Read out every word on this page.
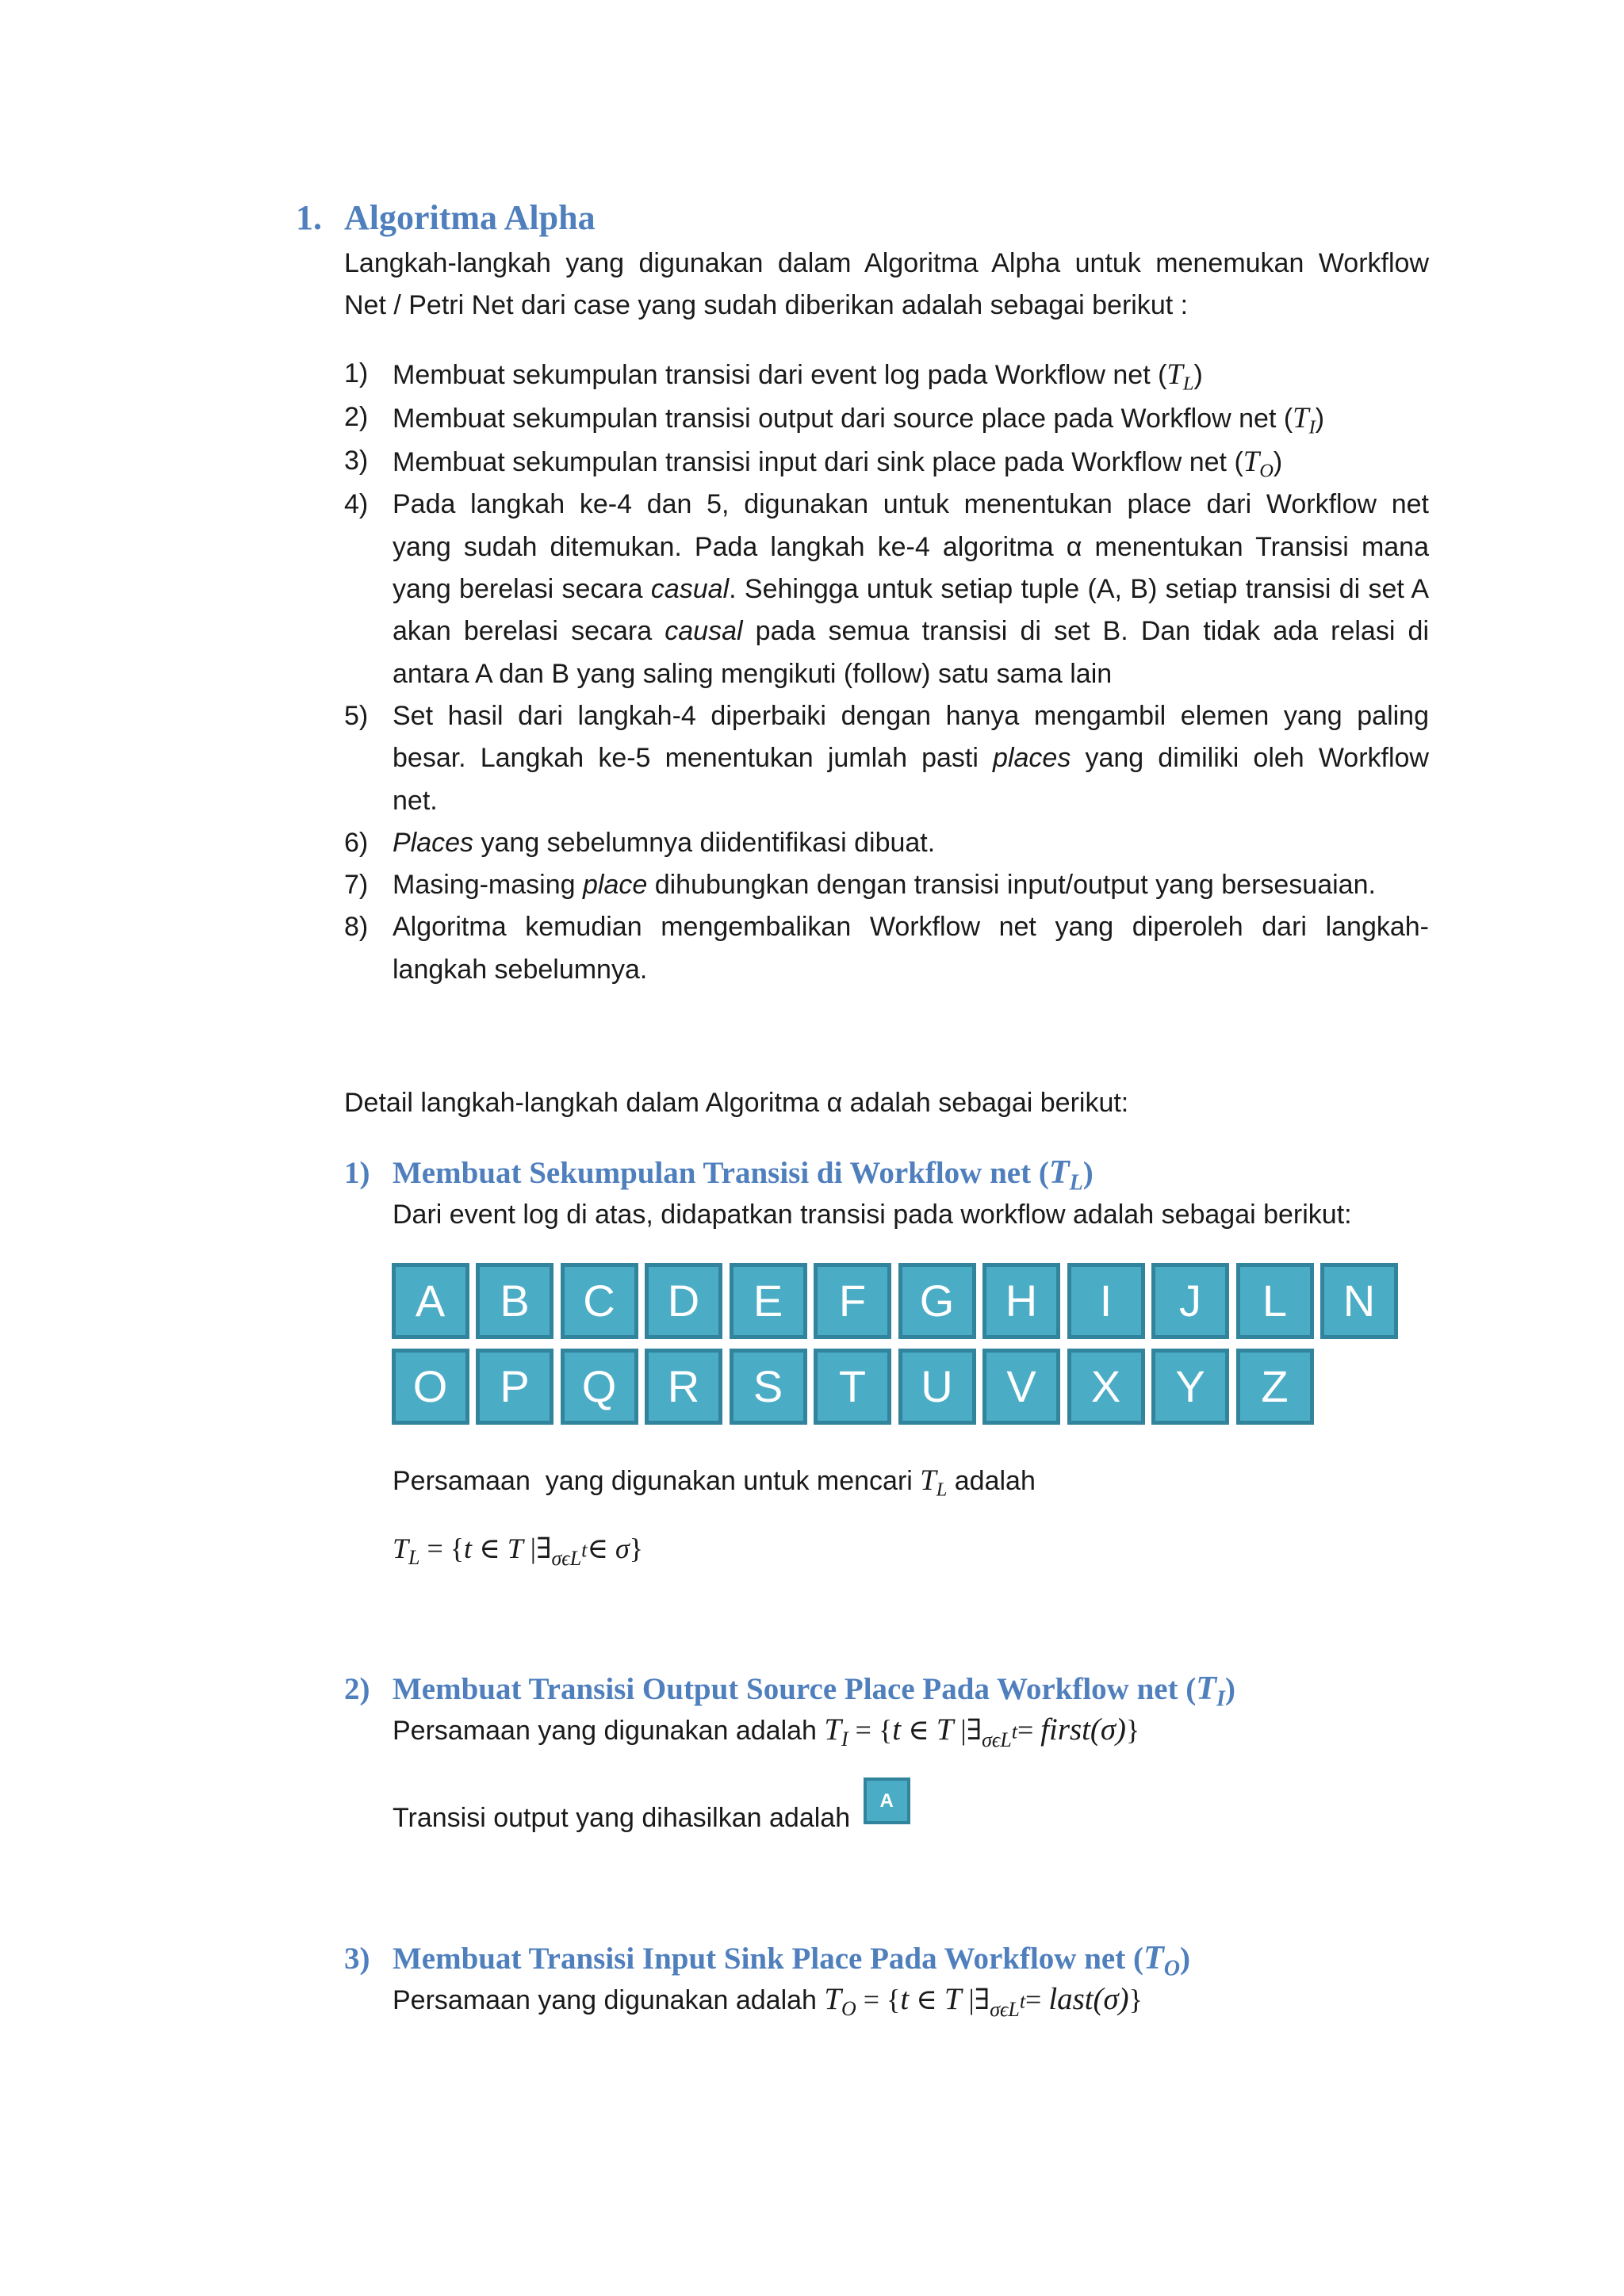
1. Algoritma Alpha
Langkah-langkah yang digunakan dalam Algoritma Alpha untuk menemukan Workflow
Net / Petri Net dari case yang sudah diberikan adalah sebagai berikut :
1) Membuat sekumpulan transisi dari event log pada Workflow net $(T_L)$
2) Membuat sekumpulan transisi output dari source place pada Workflow net $(T_I)$
3) Membuat sekumpulan transisi input dari sink place pada Workflow net $(T_O)$
4) Pada langkah ke-4 dan 5, digunakan untuk menentukan place dari Workflow net
yang sudah ditemukan. Pada langkah ke-4 algoritma α menentukan Transisi mana
yang berelasi secara casual. Sehingga untuk setiap tuple (A, B) setiap transisi di set A
akan berelasi secara causal pada semua transisi di set B. Dan tidak ada relasi di
antara A dan B yang saling mengikuti (follow) satu sama lain
5) Set hasil dari langkah-4 diperbaiki dengan hanya mengambil elemen yang paling
besar. Langkah ke-5 menentukan jumlah pasti places yang dimiliki oleh Workflow
net.
6) Places yang sebelumnya diidentifikasi dibuat.
7) Masing-masing place dihubungkan dengan transisi input/output yang bersesuaian.
8) Algoritma kemudian mengembalikan Workflow net yang diperoleh dari langkah-
langkah sebelumnya.
Detail langkah-langkah dalam Algoritma α adalah sebagai berikut:
1) Membuat Sekumpulan Transisi di Workflow net $(T_L)$
Dari event log di atas, didapatkan transisi pada workflow adalah sebagai berikut:
A	B	C	D	E	F	G	H	I	J	L	N
O	P	Q	R	S	T	U	V	X	Y	Z
Persamaan  yang digunakan untuk mencari $T_L$ adalah
$T_L = \{t$ ∈ T $|\exists_{\sigma\epsilon L}t\in$ σ}
2) Membuat Transisi Output Source Place Pada Workflow net $(T_I)$
Persamaan yang digunakan adalah $T_I = \{t$ ∈ T $|\exists_{\sigma\epsilon L}t=$ first(σ)}
Transisi output yang dihasilkan adalah
A
3) Membuat Transisi Input Sink Place Pada Workflow net $(T_O)$
Persamaan yang digunakan adalah $T_O = \{t$ ∈ T $|\exists_{\sigma\epsilon L}t=$ last(σ)}
